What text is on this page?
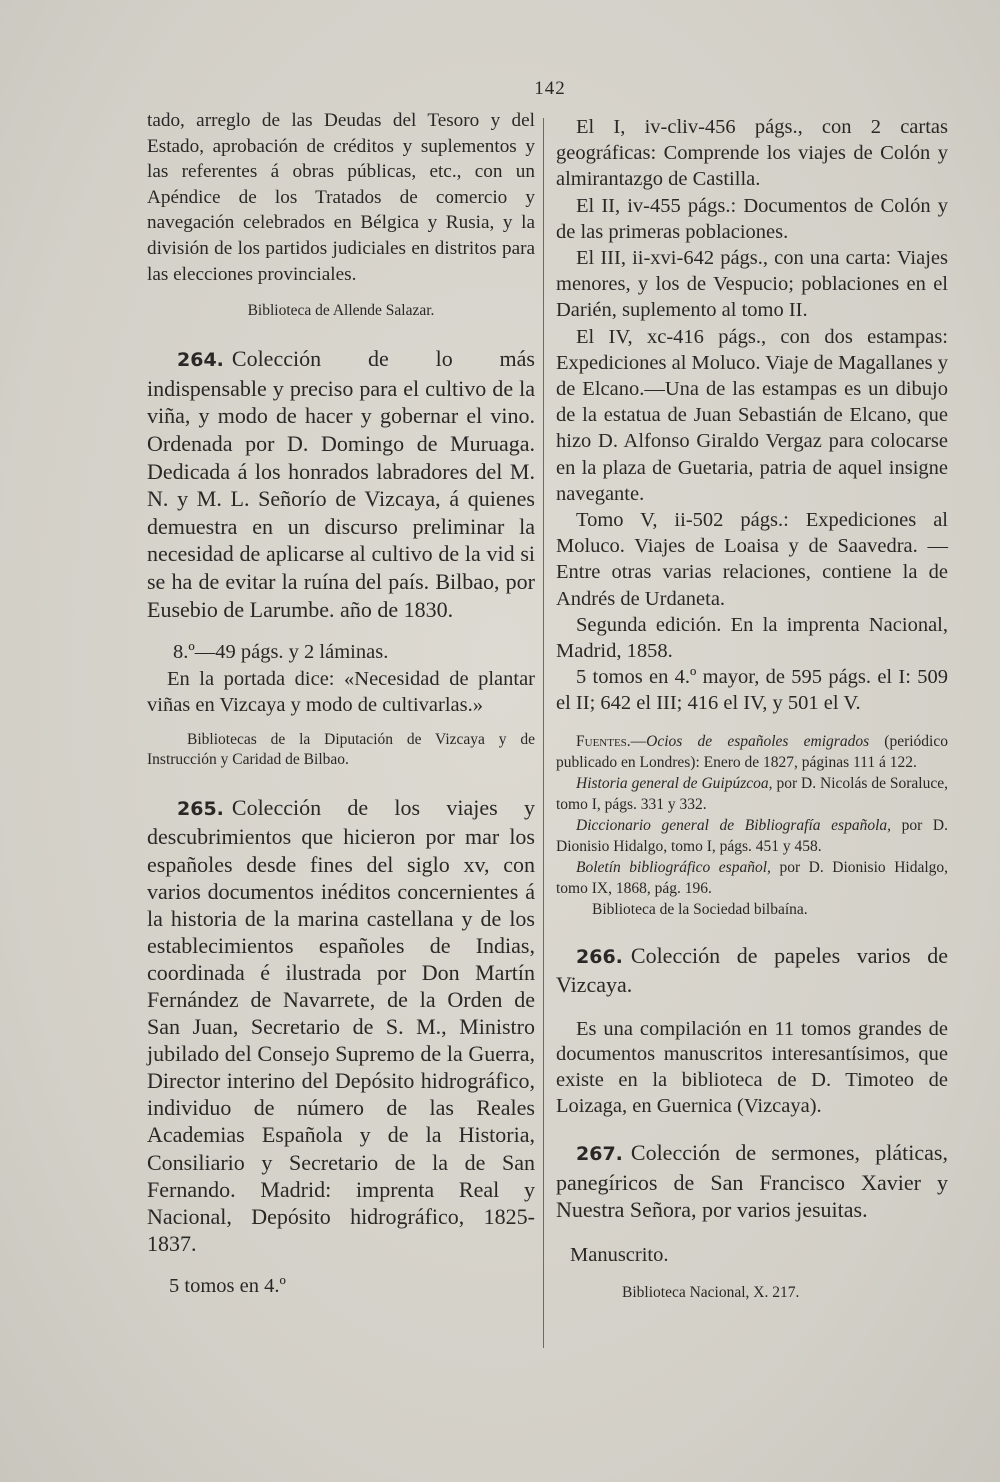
142

tado, arreglo de las Deudas del Tesoro y del Estado, aprobación de créditos y suplementos y las referentes á obras públicas, etc., con un Apéndice de los Tratados de comercio y navegación celebrados en Bélgica y Rusia, y la división de los partidos judiciales en distritos para las elecciones provinciales.

Biblioteca de Allende Salazar.

264. Colección de lo más indispensable y preciso para el cultivo de la viña, y modo de hacer y gobernar el vino. Ordenada por D. Domingo de Muruaga. Dedicada á los honrados labradores del M. N. y M. L. Señorío de Vizcaya, á quienes demuestra en un discurso preliminar la necesidad de aplicarse al cultivo de la vid si se ha de evitar la ruína del país. Bilbao, por Eusebio de Larumbe. año de 1830.

8.º—49 págs. y 2 láminas.

En la portada dice: «Necesidad de plantar viñas en Vizcaya y modo de cultivarlas.»

Bibliotecas de la Diputación de Vizcaya y de Instrucción y Caridad de Bilbao.

265. Colección de los viajes y descubrimientos que hicieron por mar los españoles desde fines del siglo xv, con varios documentos inéditos concernientes á la historia de la marina castellana y de los establecimientos españoles de Indias, coordinada é ilustrada por Don Martín Fernández de Navarrete, de la Orden de San Juan, Secretario de S. M., Ministro jubilado del Consejo Supremo de la Guerra, Director interino del Depósito hidrográfico, individuo de número de las Reales Academias Española y de la Historia, Consiliario y Secretario de la de San Fernando. Madrid: imprenta Real y Nacional, Depósito hidrográfico, 1825-1837.

5 tomos en 4.º

El I, iv-cliv-456 págs., con 2 cartas geográficas: Comprende los viajes de Colón y almirantazgo de Castilla.

El II, iv-455 págs.: Documentos de Colón y de las primeras poblaciones.

El III, ii-xvi-642 págs., con una carta: Viajes menores, y los de Vespucio; poblaciones en el Darién, suplemento al tomo II.

El IV, xc-416 págs., con dos estampas: Expediciones al Moluco. Viaje de Magallanes y de Elcano.—Una de las estampas es un dibujo de la estatua de Juan Sebastián de Elcano, que hizo D. Alfonso Giraldo Vergaz para colocarse en la plaza de Guetaria, patria de aquel insigne navegante.

Tomo V, ii-502 págs.: Expediciones al Moluco. Viajes de Loaisa y de Saavedra. —Entre otras varias relaciones, contiene la de Andrés de Urdaneta.

Segunda edición. En la imprenta Nacional, Madrid, 1858.

5 tomos en 4.º mayor, de 595 págs. el I: 509 el II; 642 el III; 416 el IV, y 501 el V.

Fuentes.—Ocios de españoles emigrados (periódico publicado en Londres): Enero de 1827, páginas 111 á 122.

Historia general de Guipúzcoa, por D. Nicolás de Soraluce, tomo I, págs. 331 y 332.

Diccionario general de Bibliografía española, por D. Dionisio Hidalgo, tomo I, págs. 451 y 458.

Boletín bibliográfico español, por D. Dionisio Hidalgo, tomo IX, 1868, pág. 196.

Biblioteca de la Sociedad bilbaína.

266. Colección de papeles varios de Vizcaya.

Es una compilación en 11 tomos grandes de documentos manuscritos interesantísimos, que existe en la biblioteca de D. Timoteo de Loizaga, en Guernica (Vizcaya).

267. Colección de sermones, pláticas, panegíricos de San Francisco Xavier y Nuestra Señora, por varios jesuitas.

Manuscrito.

Biblioteca Nacional, X. 217.
